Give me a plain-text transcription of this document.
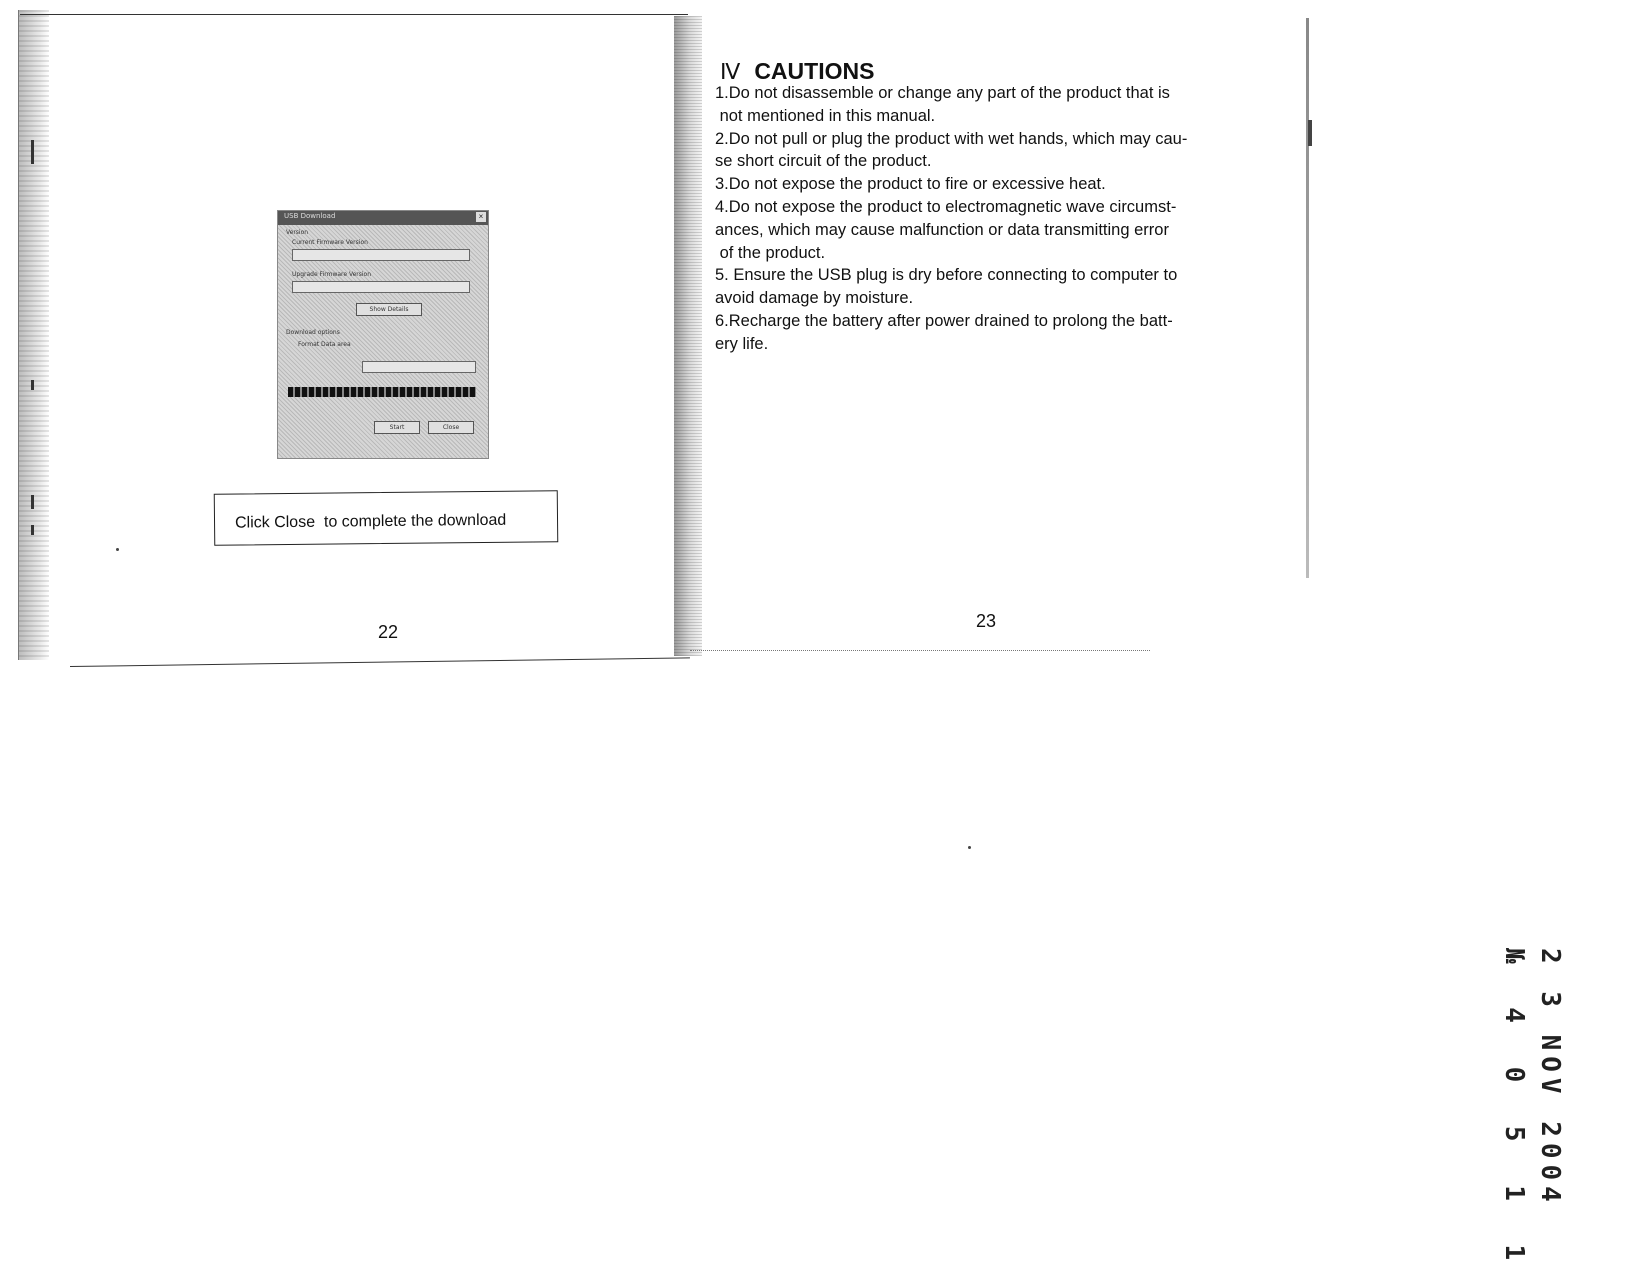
USB Download	×
Version
Current Firmware Version
Upgrade Firmware Version
Show Details
Download options
Format Data area
Start	Close
Click Close  to complete the download
22
Ⅳ CAUTIONS
1.Do not disassemble or change any part of the product that is
not mentioned in this manual.
2.Do not pull or plug the product with wet hands, which may cau-
se short circuit of the product.
3.Do not expose the product to fire or excessive heat.
4.Do not expose the product to electromagnetic wave circumst-
ances, which may cause malfunction or data transmitting error
of the product.
5. Ensure the USB plug is dry before connecting to computer to
avoid damage by moisture.
6.Recharge the battery after power drained to prolong the batt-
ery life.
23
2 3 NOV 2004
№ 4 0 5 1 1
